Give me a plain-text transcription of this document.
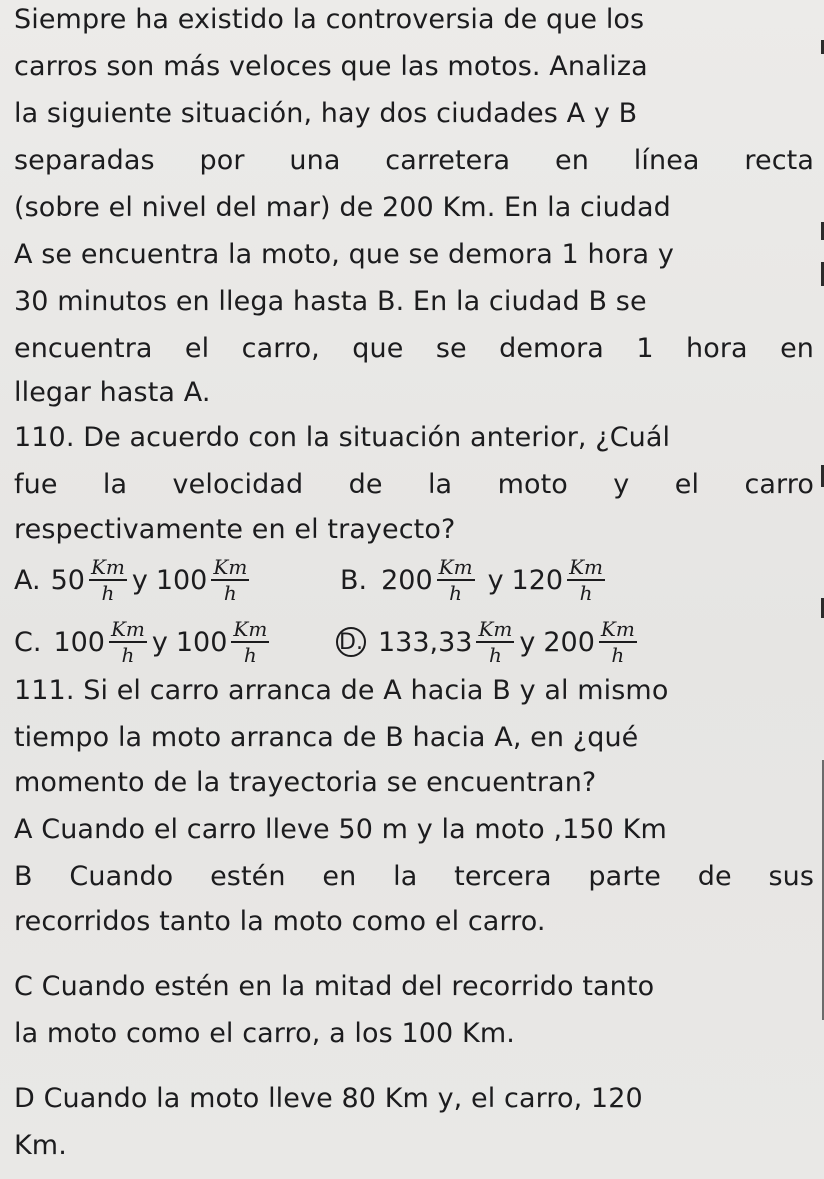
Siempre ha existido la controversia de que los
carros son más veloces que las motos. Analiza
la siguiente situación, hay dos ciudades A y B
separadas por una carretera en línea recta
(sobre el nivel del mar) de 200 Km. En la ciudad
A se encuentra la moto, que se demora 1 hora y
30 minutos en llega hasta B. En la ciudad B se
encuentra el carro, que se demora 1 hora en
llegar hasta A.
110. De acuerdo con la situación anterior, ¿Cuál
fue la velocidad de la moto y el carro
respectivamente en el trayecto?
A. $50 \frac{Km}{h}$ y $100 \frac{Km}{h}$	B. $200 \frac{Km}{h}$ y $120 \frac{Km}{h}$
C. $100 \frac{Km}{h}$ y $100 \frac{Km}{h}$	D. $133,33 \frac{Km}{h}$ y $200 \frac{Km}{h}$
111. Si el carro arranca de A hacia B y al mismo
tiempo la moto arranca de B hacia A, en ¿qué
momento de la trayectoria se encuentran?
A Cuando el carro lleve 50 m y la moto ,150 Km
B Cuando estén en la tercera parte de sus
recorridos tanto la moto como el carro.
C Cuando estén en la mitad del recorrido tanto
la moto como el carro, a los 100 Km.
D Cuando la moto lleve 80 Km y, el carro, 120
Km.
